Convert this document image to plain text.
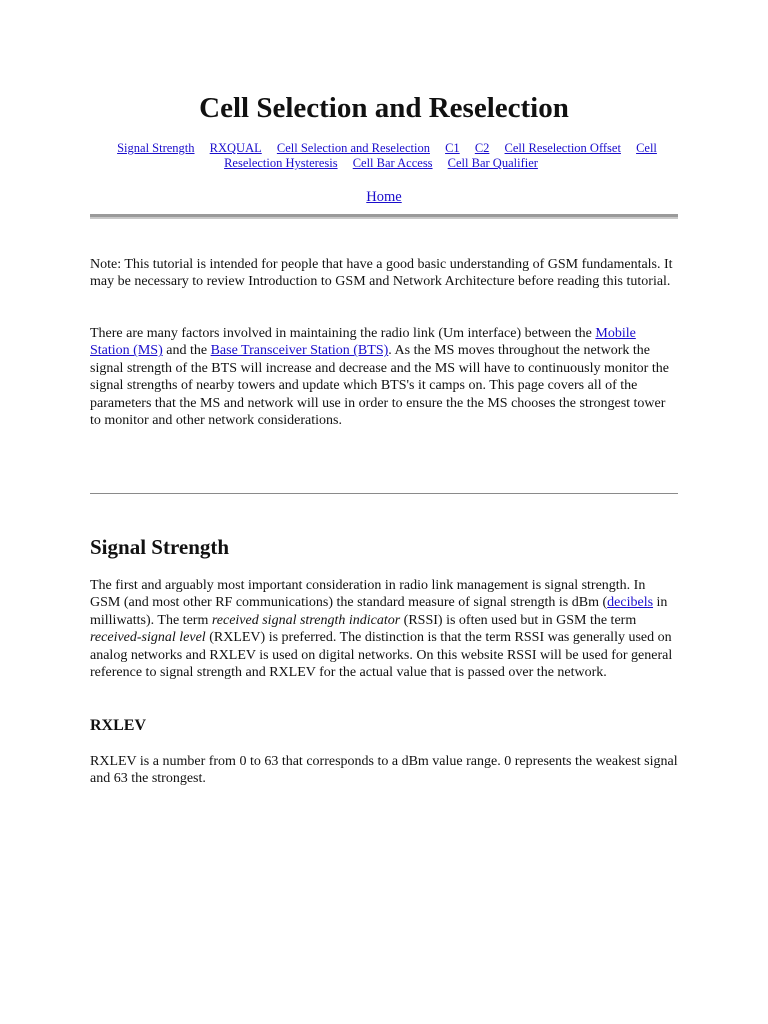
Cell Selection and Reselection
Signal Strength RXQUAL Cell Selection and Reselection C1 C2 Cell Reselection Offset Cell Reselection Hysteresis Cell Bar Access Cell Bar Qualifier
Home

Note: This tutorial is intended for people that have a good basic understanding of GSM fundamentals. It may be necessary to review Introduction to GSM and Network Architecture before reading this tutorial.

There are many factors involved in maintaining the radio link (Um interface) between the Mobile Station (MS) and the Base Transceiver Station (BTS). As the MS moves throughout the network the signal strength of the BTS will increase and decrease and the MS will have to continuously monitor the signal strengths of nearby towers and update which BTS's it camps on. This page covers all of the parameters that the MS and network will use in order to ensure the the MS chooses the strongest tower to monitor and other network considerations.

Signal Strength

The first and arguably most important consideration in radio link management is signal strength. In GSM (and most other RF communications) the standard measure of signal strength is dBm (decibels in milliwatts). The term received signal strength indicator (RSSI) is often used but in GSM the term received-signal level (RXLEV) is preferred. The distinction is that the term RSSI was generally used on analog networks and RXLEV is used on digital networks. On this website RSSI will be used for general reference to signal strength and RXLEV for the actual value that is passed over the network.

RXLEV

RXLEV is a number from 0 to 63 that corresponds to a dBm value range. 0 represents the weakest signal and 63 the strongest.
